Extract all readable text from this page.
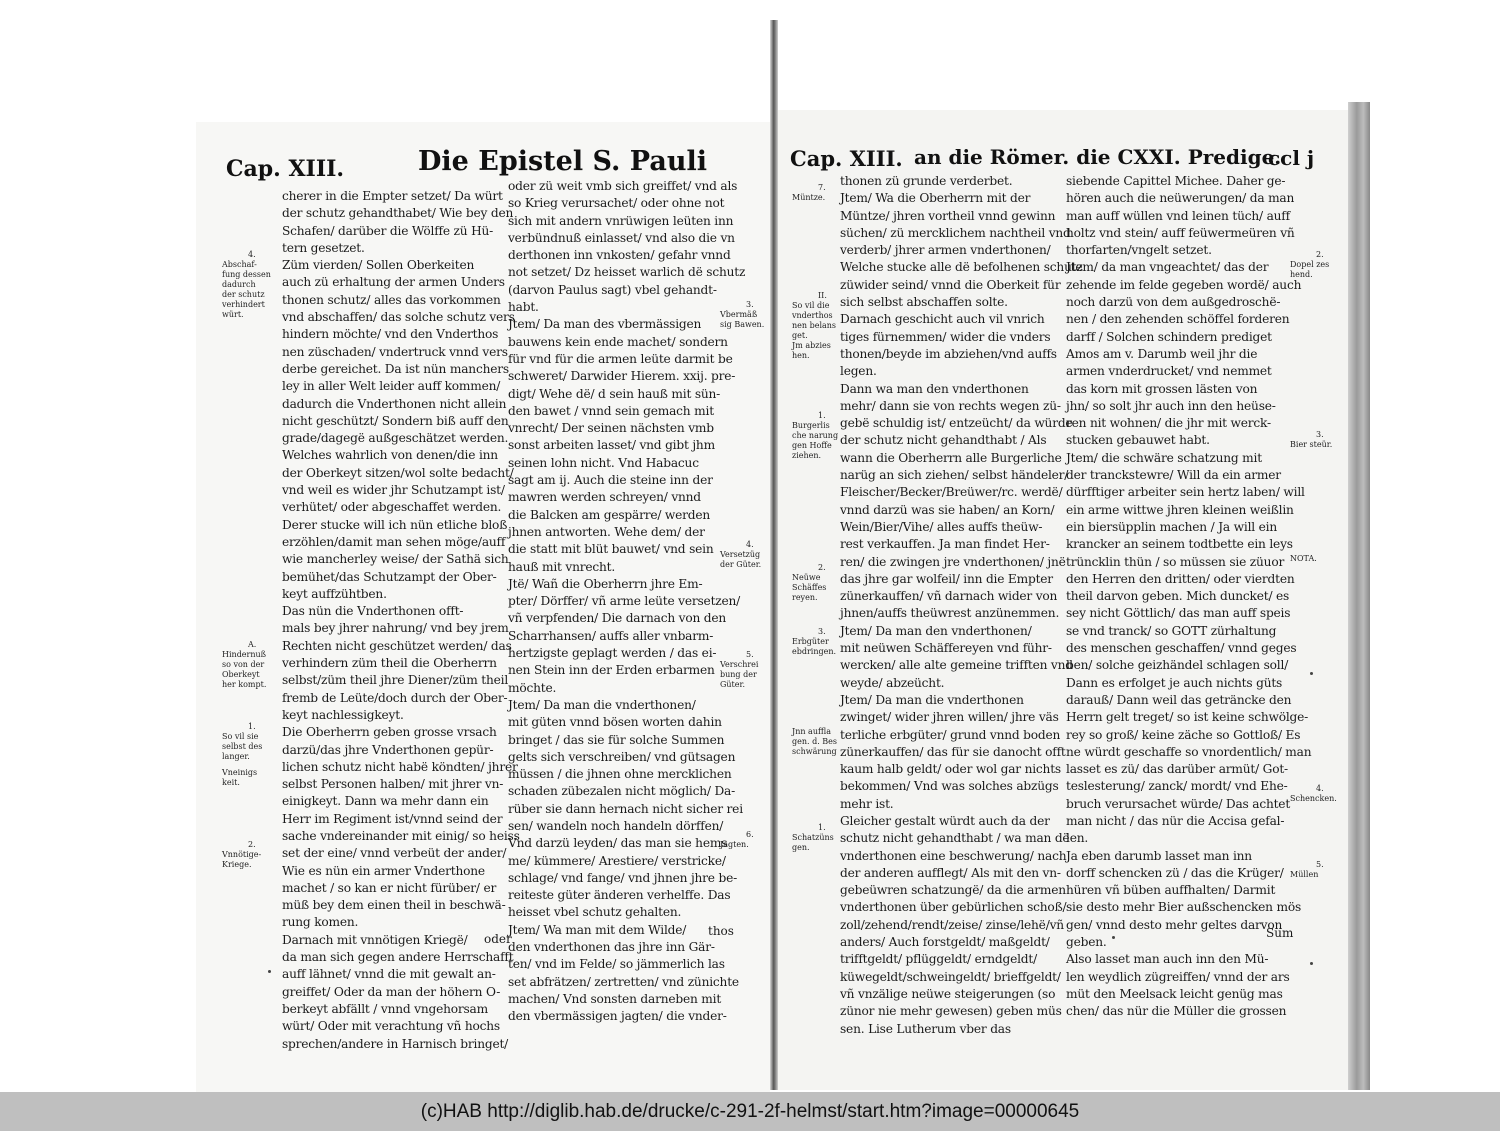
Cap. XIII.	Die Epistel S. Pauli

cherer in die Empter setzet/ Da würt

der schutz gehandthabet/ Wie bey den

Schafen/ darüber die Wölffe zü Hü-

tern gesetzet.

Züm vierden/ Sollen Oberkeiten

auch zü erhaltung der armen Unders

thonen schutz/ alles das vorkommen

vnd abschaffen/ das solche schutz vers

hindern möchte/ vnd den Vnderthos

nen züschaden/ vndertruck vnnd vers

derbe gereichet. Da ist nün manchers

ley in aller Welt leider auff kommen/

dadurch die Vnderthonen nicht allein

nicht geschützt/ Sondern biß auff den

grade/dagegë außgeschätzet werden.

Welches wahrlich von denen/die inn

der Oberkeyt sitzen/wol solte bedacht/

vnd weil es wider jhr Schutzampt ist/

verhütet/ oder abgeschaffet werden.

Derer stucke will ich nün etliche bloß

erzöhlen/damit man sehen möge/auff

wie mancherley weise/ der Sathä sich

bemühet/das Schutzampt der Ober-

keyt auffzühtben.

Das nün die Vnderthonen offt-

mals bey jhrer nahrung/ vnd bey jrem

Rechten nicht geschützet werden/ das

verhindern züm theil die Oberherrn

selbst/züm theil jhre Diener/züm theil

fremb de Leüte/doch durch der Ober-

keyt nachlessigkeyt.

Die Oberherrn geben grosse vrsach

darzü/das jhre Vnderthonen gepür-

lichen schutz nicht habë köndten/ jhrer

selbst Personen halben/ mit jhrer vn-

einigkeyt. Dann wa mehr dann ein

Herr im Regiment ist/vnnd seind der

sache vndereinander mit einig/ so heiss

set der eine/ vnnd verbeüt der ander/

Wie es nün ein armer Vnderthone

machet / so kan er nicht fürüber/ er

müß bey dem einen theil in beschwä-

rung komen.

Darnach mit vnnötigen Kriegë/

da man sich gegen andere Herrschafft

auff lähnet/ vnnd die mit gewalt an-

greiffet/ Oder da man der höhern O-

berkeyt abfällt / vnnd vngehorsam

würt/ Oder mit verachtung vñ hochs

sprechen/andere in Harnisch bringet/

oder zü weit vmb sich greiffet/ vnd als

so Krieg verursachet/ oder ohne not

sich mit andern vnrüwigen leüten inn

verbündnuß einlasset/ vnd also die vn

derthonen inn vnkosten/ gefahr vnnd

not setzet/ Dz heisset warlich dë schutz

(darvon Paulus sagt) vbel gehandt-

habt.

Jtem/ Da man des vbermässigen

bauwens kein ende machet/ sondern

für vnd für die armen leüte darmit be

schweret/ Darwider Hierem. xxij. pre-

digt/ Wehe dë/ d sein hauß mit sün-

den bawet / vnnd sein gemach mit

vnrecht/ Der seinen nächsten vmb

sonst arbeiten lasset/ vnd gibt jhm

seinen lohn nicht. Vnd Habacuc

sagt am ij. Auch die steine inn der

mawren werden schreyen/ vnnd

die Balcken am gespärre/ werden

jhnen antworten. Wehe dem/ der

die statt mit blüt bauwet/ vnd sein

hauß mit vnrecht.

Jtë/ Wañ die Oberherrn jhre Em-

pter/ Dörffer/ vñ arme leüte versetzen/

vñ verpfenden/ Die darnach von den

Scharrhansen/ auffs aller vnbarm-

hertzigste geplagt werden / das ei-

nen Stein inn der Erden erbarmen

möchte.

Jtem/ Da man die vnderthonen/

mit güten vnnd bösen worten dahin

bringet / das sie für solche Summen

gelts sich verschreiben/ vnd gütsagen

müssen / die jhnen ohne mercklichen

schaden zübezalen nicht möglich/ Da-

rüber sie dann hernach nicht sicher rei

sen/ wandeln noch handeln dörffen/

Vnd darzü leyden/ das man sie hems

me/ kümmere/ Arestiere/ verstricke/

schlage/ vnd fange/ vnd jhnen jhre be-

reiteste güter änderen verhelffe. Das

heisset vbel schutz gehalten.

Jtem/ Wa man mit dem Wilde/

den vnderthonen das jhre inn Gär-

ten/ vnd im Felde/ so jämmerlich las

set abfrätzen/ zertretten/ vnd zünichte

machen/ Vnd sonsten darneben mit

den vbermässigen jagten/ die vnder-

oder
thos
4.
Abschaf-
fung dessen
dadurch
der schutz
verhindert
würt.
A.
Hindernuß
so von der
Oberkeyt
her kompt.
1.
So vil sie
selbst des
langer.
Vneinigs
keit.
2.
Vnnötige-
Kriege.
3.
Vbermäß
sig Bawen.
4.
Versetzüg
der Güter.
5.
Verschrei
bung der
Güter.
6.
Jagten.
Cap. XIII. an die Römer. die CXXI. Predige.
ccl j

thonen zü grunde verderbet.

Jtem/ Wa die Oberherrn mit der

Müntze/ jhren vortheil vnnd gewinn

süchen/ zü mercklichem nachtheil vnd

verderb/ jhrer armen vnderthonen/

Welche stucke alle dë befolhenen schutz

züwider seind/ vnnd die Oberkeit für

sich selbst abschaffen solte.

Darnach geschicht auch vil vnrich

tiges fürnemmen/ wider die vnders

thonen/beyde im abziehen/vnd auffs

legen.

Dann wa man den vnderthonen

mehr/ dann sie von rechts wegen zü-

gebë schuldig ist/ entzeücht/ da würde

der schutz nicht gehandthabt / Als

wann die Oberherrn alle Burgerliche

narüg an sich ziehen/ selbst händeler/

Fleischer/Becker/Breüwer/rc. werdë/

vnnd darzü was sie haben/ an Korn/

Wein/Bier/Vihe/ alles auffs theüw-

rest verkauffen. Ja man findet Her-

ren/ die zwingen jre vnderthonen/ jnë

das jhre gar wolfeil/ inn die Empter

zünerkauffen/ vñ darnach wider von

jhnen/auffs theüwrest anzünemmen.

Jtem/ Da man den vnderthonen/

mit neüwen Schäffereyen vnd führ-

wercken/ alle alte gemeine trifften vnd

weyde/ abzeücht.

Jtem/ Da man die vnderthonen

zwinget/ wider jhren willen/ jhre väs

terliche erbgüter/ grund vnnd boden

zünerkauffen/ das für sie danocht offt

kaum halb geldt/ oder wol gar nichts

bekommen/ Vnd was solches abzügs

mehr ist.

Gleicher gestalt würdt auch da der

schutz nicht gehandthabt / wa man dë

vnderthonen eine beschwerung/ nach

der anderen aufflegt/ Als mit den vn-

gebeüwren schatzungë/ da die armen

vnderthonen über gebürlichen schoß/

zoll/zehend/rendt/zeise/ zinse/lehë/vñ

anders/ Auch forstgeldt/ maßgeldt/

trifftgeldt/ pflüggeldt/ erndgeldt/

küwegeldt/schweingeldt/ brieffgeldt/

vñ vnzälige neüwe steigerungen (so

zünor nie mehr gewesen) geben müs

sen. Lise Lutherum vber das

siebende Capittel Michee. Daher ge-

hören auch die neüwerungen/ da man

man auff wüllen vnd leinen tüch/ auff

holtz vnd stein/ auff feüwermeüren vñ

thorfarten/vngelt setzet.

Jtem/ da man vngeachtet/ das der

zehende im felde gegeben wordë/ auch

noch darzü von dem außgedroschë-

nen / den zehenden schöffel forderen

darff / Solchen schindern prediget

Amos am v. Darumb weil jhr die

armen vnderdrucket/ vnd nemmet

das korn mit grossen lästen von

jhn/ so solt jhr auch inn den heüse-

ren nit wohnen/ die jhr mit werck-

stucken gebauwet habt.

Jtem/ die schwäre schatzung mit

der tranckstewre/ Will da ein armer

dürfftiger arbeiter sein hertz laben/ will

ein arme wittwe jhren kleinen weißlin

ein biersüpplin machen / Ja will ein

krancker an seinem todtbette ein leys

trüncklin thün / so müssen sie züuor

den Herren den dritten/ oder vierdten

theil darvon geben. Mich duncket/ es

sey nicht Göttlich/ das man auff speis

se vnd tranck/ so GOTT zürhaltung

des menschen geschaffen/ vnnd geges

ben/ solche geizhändel schlagen soll/

Dann es erfolget je auch nichts güts

darauß/ Dann weil das geträncke den

Herrn gelt treget/ so ist keine schwölge-

rey so groß/ keine zäche so Gottloß/ Es

ne würdt geschaffe so vnordentlich/ man

lasset es zü/ das darüber armüt/ Got-

teslesterung/ zanck/ mordt/ vnd Ehe-

bruch verursachet würde/ Das achtet

man nicht / das nür die Accisa gefal-

len.

Ja eben darumb lasset man inn

dorff schencken zü / das die Krüger/

hüren vñ büben auffhalten/ Darmit

sie desto mehr Bier außschencken mös

gen/ vnnd desto mehr geltes darvon

geben.

Also lasset man auch inn den Mü-

len weydlich zügreiffen/ vnnd der ars

müt den Meelsack leicht genüg mas

chen/ das nür die Müller die grossen

Sum
7.
Müntze.
II.
So vil die
vnderthos
nen belans
get.
Jm abzies
hen.
1.
Burgerlis
che narung
gen Hoffe
ziehen.
2.
Neüwe
Schäffes
reyen.
3.
Erbgüter
ebdringen.
Jnn auffla
gen. d. Bes
schwärung
1.
Schatzüns
gen.
2.
Dopel zes
hend.
3.
Bier steür.
NOTA.
4.
Schencken.
5.
Müllen
(c)HAB http://diglib.hab.de/drucke/c-291-2f-helmst/start.htm?image=00000645
